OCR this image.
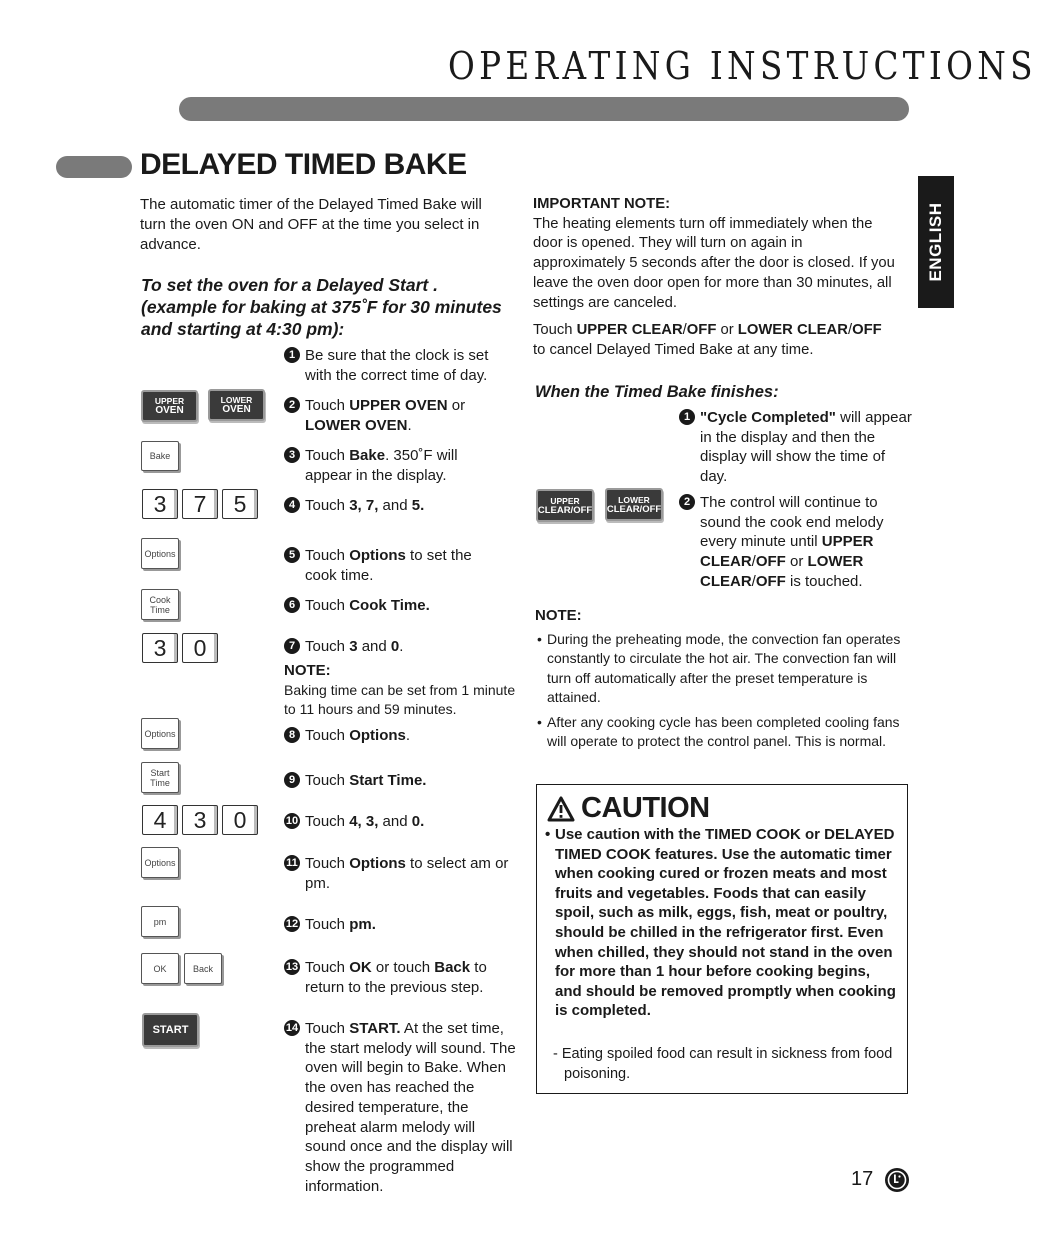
OPERATING INSTRUCTIONS
DELAYED TIMED BAKE
ENGLISH
The automatic timer of the Delayed Timed Bake will turn the oven ON and OFF at the time you select in advance.
To set the oven for a Delayed Start .
(example for baking at 375˚F for 30 minutes
and starting at 4:30 pm):
UPPER
OVEN
LOWER
OVEN
Bake
3	7	5
Options
Cook
Time
3	0
Options
Start
Time
4	3	0
Options
pm
OK	Back
START
1 Be sure that the clock is set with the correct time of day.
2 Touch UPPER OVEN or
LOWER OVEN.
3 Touch Bake. 350˚F will appear in the display.
4 Touch 3, 7, and 5.
5 Touch Options to set the cook time.
6 Touch Cook Time.
7 Touch 3 and 0.
NOTE:
Baking time can be set from 1 minute to 11 hours and 59 minutes.
8 Touch Options.
9 Touch Start Time.
10 Touch 4, 3, and 0.
11 Touch Options to select am or pm.
12 Touch pm.
13 Touch OK or touch Back to return to the previous step.
14 Touch START. At the set time, the start melody will sound. The oven will begin to Bake. When the oven has reached the desired temperature, the preheat alarm melody will sound once and the display will show the programmed information.
IMPORTANT NOTE:
The heating elements turn off immediately when the door is opened. They will turn on again in approximately 5 seconds after the door is closed. If you leave the oven door open for more than 30 minutes, all settings are canceled.
Touch UPPER CLEAR/OFF or LOWER CLEAR/OFF to cancel Delayed Timed Bake at any time.
When the Timed Bake finishes:
UPPER
CLEAR/OFF
LOWER
CLEAR/OFF
1 "Cycle Completed" will appear in the display and then the display will show the time of day.
2 The control will continue to sound the cook end melody every minute until UPPER CLEAR/OFF or LOWER CLEAR/OFF is touched.
NOTE:
• During the preheating mode, the convection fan operates constantly to circulate the hot air. The convection fan will turn off automatically after the preset temperature is attained.
• After any cooking cycle has been completed cooling fans will operate to protect the control panel. This is normal.
CAUTION
• Use caution with the TIMED COOK or DELAYED TIMED COOK features. Use the automatic timer when cooking cured or frozen meats and most fruits and vegetables. Foods that can easily spoil, such as milk, eggs, fish, meat or poultry, should be chilled in the refrigerator first. Even when chilled, they should not stand in the oven for more than 1 hour before cooking begins, and should be removed promptly when cooking is completed.
- Eating spoiled food can result in sickness from food poisoning.
17
